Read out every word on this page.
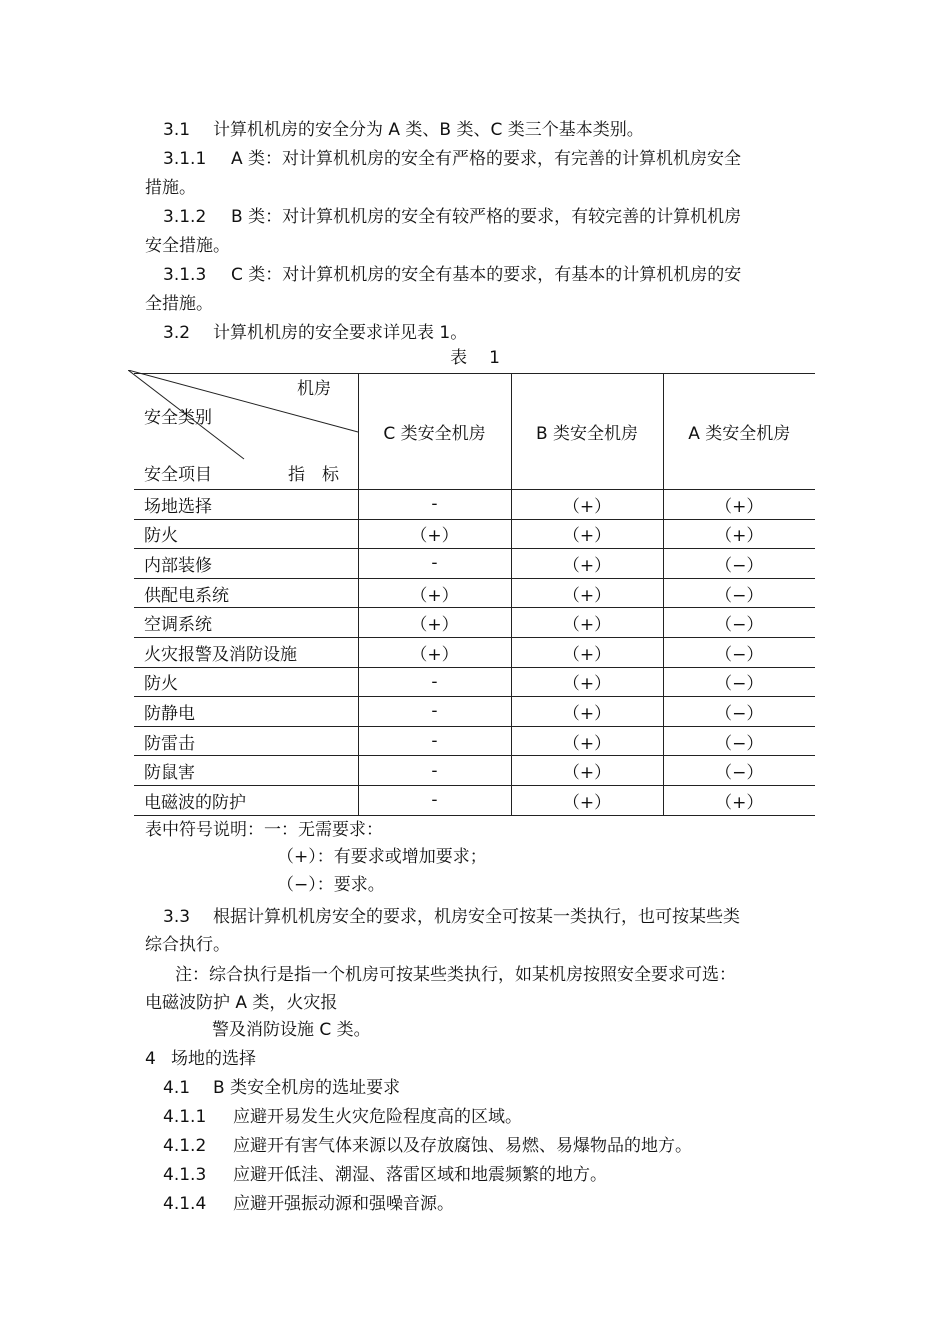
3.1 计算机机房的安全分为 A 类、B 类、C 类三个基本类别。
3.1.1 A 类：对计算机机房的安全有严格的要求，有完善的计算机机房安全
措施。
3.1.2 B 类：对计算机机房的安全有较严格的要求，有较完善的计算机机房
安全措施。
3.1.3 C 类：对计算机机房的安全有基本的要求，有基本的计算机机房的安
全措施。
3.2 计算机机房的安全要求详见表 1。
表 1
机房
安全类别
安全项目 指　标	C 类安全机房	B 类安全机房	A 类安全机房
场地选择	-	（+）	（+）
防火	（+）	（+）	（+）
内部装修	-	（+）	（−）
供配电系统	（+）	（+）	（−）
空调系统	（+）	（+）	（−）
火灾报警及消防设施	（+）	（+）	（−）
防火	-	（+）	（−）
防静电	-	（+）	（−）
防雷击	-	（+）	（−）
防鼠害	-	（+）	（−）
电磁波的防护	-	（+）	（+）
表中符号说明：一：无需要求：
（+）：有要求或增加要求；
（−）：要求。
3.3 根据计算机机房安全的要求，机房安全可按某一类执行，也可按某些类
综合执行。
注：综合执行是指一个机房可按某些类执行，如某机房按照安全要求可选：
电磁波防护 A 类，火灾报
警及消防设施 C 类。
4 场地的选择
4.1 B 类安全机房的选址要求
4.1.1 应避开易发生火灾危险程度高的区域。
4.1.2 应避开有害气体来源以及存放腐蚀、易燃、易爆物品的地方。
4.1.3 应避开低洼、潮湿、落雷区域和地震频繁的地方。
4.1.4 应避开强振动源和强噪音源。
